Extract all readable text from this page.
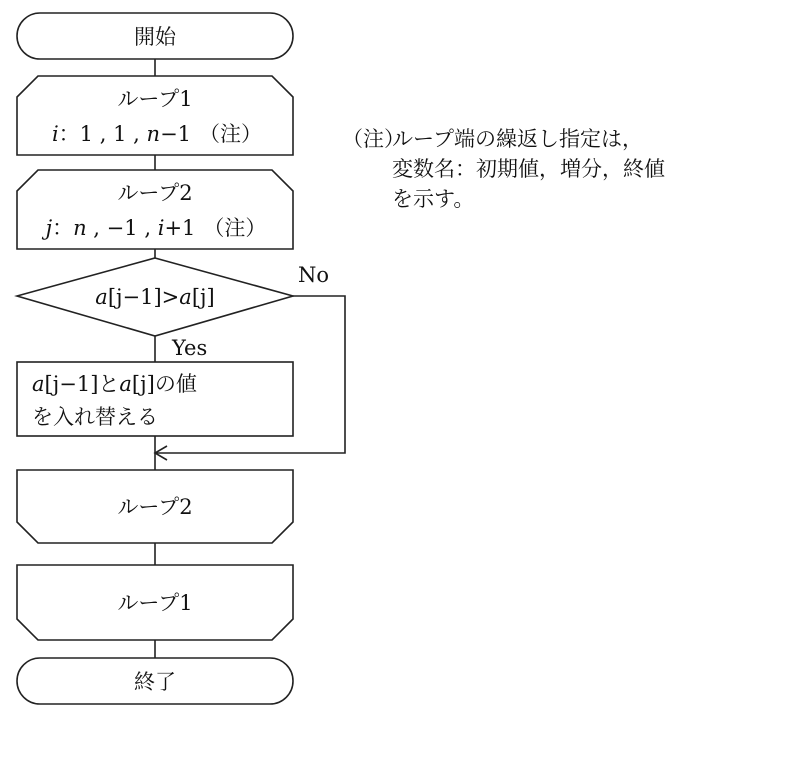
開始
ループ1
i：1 , 1 , n−1 （注）
ループ2
j：n , −1 , i+1 （注）
a[j−1]>a[j]
Yes
No
a[j−1]とa[j]の値
を入れ替える
ループ2
ループ1
終了
（注）ループ端の繰返し指定は，
変数名：初期値，増分，終値
を示す。
